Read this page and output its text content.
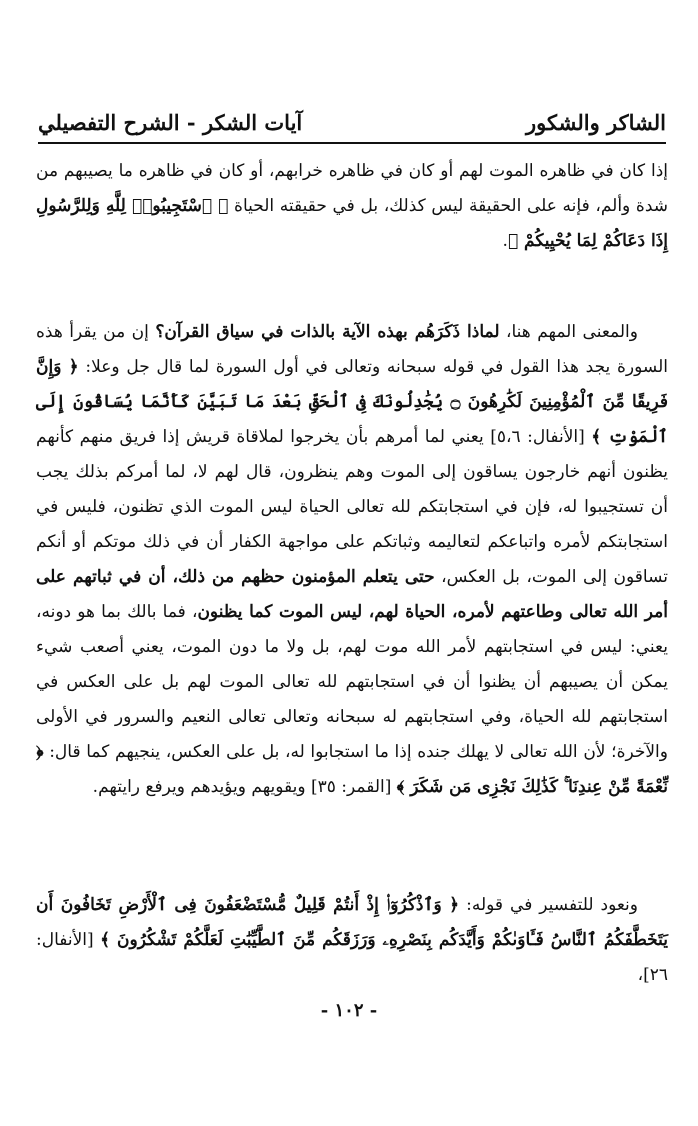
الشاكر والشكور
آيات الشكر - الشرح التفصيلي
إذا كان في ظاهره الموت لهم أو كان في ظاهره خرابهم، أو كان في ظاهره ما يصيبهم من شدة وألم، فإنه على الحقيقة ليس كذلك، بل في حقيقته الحياة ﴿ ٱسْتَجِيبُوا۟ لِلَّهِ وَلِلرَّسُولِ إِذَا دَعَاكُمْ لِمَا يُحْيِيكُمْ ﴾.
والمعنى المهم هنا، لماذا ذَكَرَهُم بهذه الآية بالذات في سياق القرآن؟ إن من يقرأ هذه السورة يجد هذا القول في قوله سبحانه وتعالى في أول السورة لما قال جل وعلا: ﴿ وَإِنَّ فَرِيقًا مِّنَ ٱلْمُؤْمِنِينَ لَكَٰرِهُونَ ۝ يُجَٰدِلُونَكَ فِى ٱلْحَقِّ بَعْدَ مَا تَبَيَّنَ كَأَنَّمَا يُسَاقُونَ إِلَى ٱلْمَوْتِ ﴾ [الأنفال: ٥،٦] يعني لما أمرهم بأن يخرجوا لملاقاة قريش إذا فريق منهم كأنهم يظنون أنهم خارجون يساقون إلى الموت وهم ينظرون، قال لهم لا، لما أمركم بذلك يجب أن تستجيبوا له، فإن في استجابتكم لله تعالى الحياة ليس الموت الذي تظنون، فليس في استجابتكم لأمره واتباعكم لتعاليمه وثباتكم على مواجهة الكفار أن في ذلك موتكم أو أنكم تساقون إلى الموت، بل العكس، حتى يتعلم المؤمنون حظهم من ذلك، أن في ثباتهم على أمر الله تعالى وطاعتهم لأمره، الحياة لهم، ليس الموت كما يظنون، فما بالك بما هو دونه، يعني: ليس في استجابتهم لأمر الله موت لهم، بل ولا ما دون الموت، يعني أصعب شيء يمكن أن يصيبهم أن يظنوا أن في استجابتهم لله تعالى الموت لهم بل على العكس في استجابتهم لله الحياة، وفي استجابتهم له سبحانه وتعالى تعالى النعيم والسرور في الأولى والآخرة؛ لأن الله تعالى لا يهلك جنده إذا ما استجابوا له، بل على العكس، ينجيهم كما قال: ﴿ نِّعْمَةً مِّنْ عِندِنَا ۚ كَذَٰلِكَ نَجْزِى مَن شَكَرَ ﴾ [القمر: ٣٥] ويقويهم ويؤيدهم ويرفع رايتهم.
ونعود للتفسير في قوله: ﴿ وَٱذْكُرُوٓا۟ إِذْ أَنتُمْ قَلِيلٌ مُّسْتَضْعَفُونَ فِى ٱلْأَرْضِ تَخَافُونَ أَن يَتَخَطَّفَكُمُ ٱلنَّاسُ فَـَٔاوَىٰكُمْ وَأَيَّدَكُم بِنَصْرِهِۦ وَرَزَقَكُم مِّنَ ٱلطَّيِّبَٰتِ لَعَلَّكُمْ تَشْكُرُونَ ﴾ [الأنفال: ٢٦]،
- ١٠٢ -
